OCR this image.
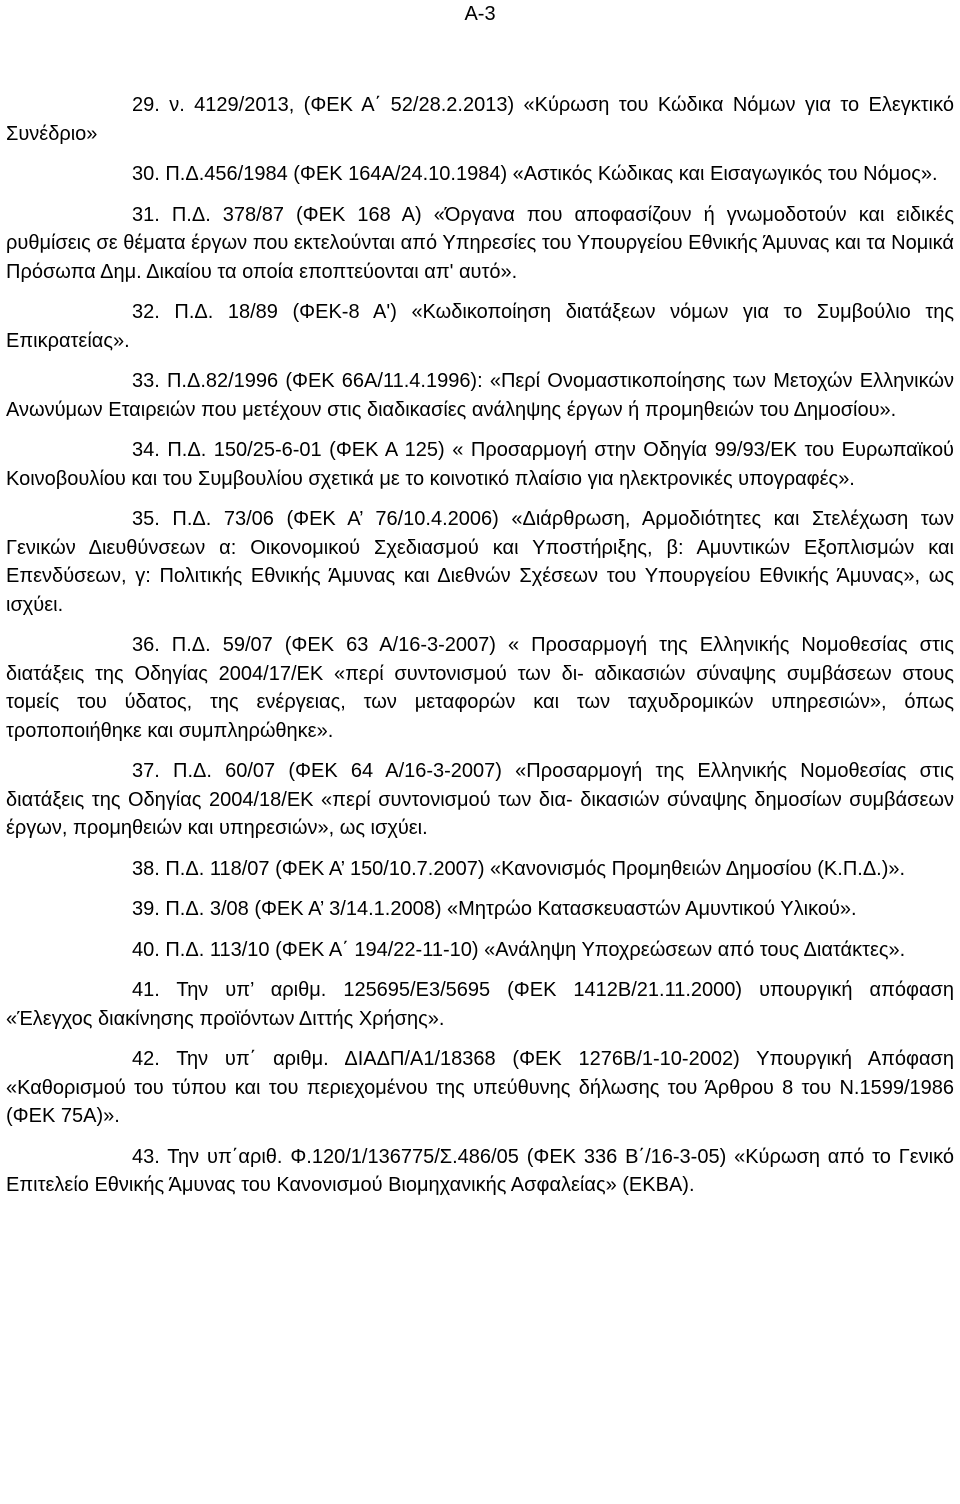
Α-3

29. ν. 4129/2013, (ΦΕΚ Α΄ 52/28.2.2013) «Κύρωση του Κώδικα Νόμων για το Ελεγκτικό Συνέδριο»

30. Π.Δ.456/1984 (ΦΕΚ 164Α/24.10.1984) «Αστικός Κώδικας και Εισαγωγικός του Νόμος».

31. Π.Δ. 378/87 (ΦΕΚ 168 Α) «Όργανα που αποφασίζουν ή γνωμοδοτούν και ειδικές ρυθμίσεις σε θέματα έργων που εκτελούνται από Υπηρεσίες του Υπουργείου Εθνικής Άμυνας και τα Νομικά Πρόσωπα Δημ. Δικαίου τα οποία εποπτεύονται απ' αυτό».

32. Π.Δ. 18/89 (ΦΕΚ-8 Α') «Κωδικοποίηση διατάξεων νόμων για το Συμβούλιο της Επικρατείας».

33. Π.Δ.82/1996 (ΦΕΚ 66Α/11.4.1996): «Περί Ονομαστικοποίησης των Μετοχών Ελληνικών Ανωνύμων Εταιρειών που μετέχουν στις διαδικασίες ανάληψης έργων ή προμηθειών του Δημοσίου».

34. Π.Δ. 150/25-6-01 (ΦΕΚ Α 125) « Προσαρμογή στην Οδηγία 99/93/ΕΚ του Ευρωπαϊκού Κοινοβουλίου και του Συμβουλίου σχετικά με το κοινοτικό πλαίσιο για ηλεκτρονικές υπογραφές».

35. Π.Δ. 73/06 (ΦΕΚ Α’ 76/10.4.2006) «Διάρθρωση, Αρμοδιότητες και Στελέχωση των Γενικών Διευθύνσεων α: Οικονομικού Σχεδιασμού και Υποστήριξης, β: Αμυντικών Εξοπλισμών και Επενδύσεων, γ: Πολιτικής Εθνικής Άμυνας και Διεθνών Σχέσεων του Υπουργείου Εθνικής Άμυνας», ως ισχύει.

36. Π.Δ. 59/07 (ΦΕΚ 63 Α/16-3-2007) « Προσαρμογή της Ελληνικής Νομοθεσίας στις διατάξεις της Οδηγίας 2004/17/ΕΚ «περί συντονισμού των δι- αδικασιών σύναψης συμβάσεων στους τομείς του ύδατος, της ενέργειας, των μεταφορών και των ταχυδρομικών υπηρεσιών», όπως τροποποιήθηκε και συμπληρώθηκε».

37. Π.Δ. 60/07 (ΦΕΚ 64 Α/16-3-2007) «Προσαρμογή της Ελληνικής Νομοθεσίας στις διατάξεις της Οδηγίας 2004/18/ΕΚ «περί συντονισμού των δια- δικασιών σύναψης δημοσίων συμβάσεων έργων, προμηθειών και υπηρεσιών», ως ισχύει.

38. Π.Δ. 118/07 (ΦΕΚ Α’ 150/10.7.2007) «Κανονισμός Προμηθειών Δημοσίου (Κ.Π.Δ.)».

39. Π.Δ. 3/08 (ΦΕΚ Α’ 3/14.1.2008) «Μητρώο Κατασκευαστών Αμυντικού Υλικού».

40. Π.Δ. 113/10 (ΦΕΚ Α΄ 194/22-11-10) «Ανάληψη Υποχρεώσεων από τους Διατάκτες».

41. Την υπ’ αριθμ. 125695/Ε3/5695 (ΦΕΚ 1412Β/21.11.2000) υπουργική απόφαση «Έλεγχος διακίνησης προϊόντων Διττής Χρήσης».

42. Την υπ΄ αριθμ. ΔΙΑΔΠ/Α1/18368 (ΦΕΚ 1276Β/1-10-2002) Υπουργική Απόφαση «Καθορισμού του τύπου και του περιεχομένου της υπεύθυνης δήλωσης του Άρθρου 8 του Ν.1599/1986 (ΦΕΚ 75Α)».

43. Την υπ΄αριθ. Φ.120/1/136775/Σ.486/05 (ΦΕΚ 336 Β΄/16-3-05) «Κύρωση από το Γενικό Επιτελείο Εθνικής Άμυνας του Κανονισμού Βιομηχανικής Ασφαλείας» (ΕΚΒΑ).
